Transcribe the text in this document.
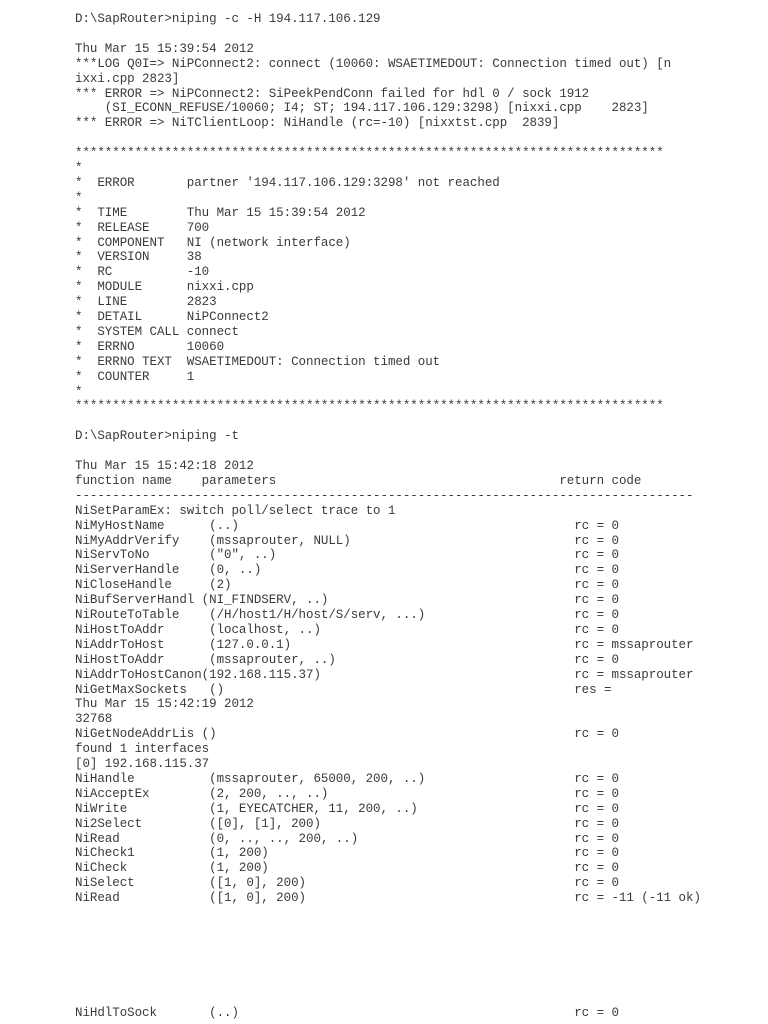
D:\SapRouter>niping -c -H 194.117.106.129
Thu Mar 15 15:39:54 2012
***LOG Q0I=> NiPConnect2: connect (10060: WSAETIMEDOUT: Connection timed out) [n
ixxi.cpp 2823]
*** ERROR => NiPConnect2: SiPeekPendConn failed for hdl 0 / sock 1912
(SI_ECONN_REFUSE/10060; I4; ST; 194.117.106.129:3298) [nixxi.cpp    2823]
*** ERROR => NiTClientLoop: NiHandle (rc=-10) [nixxtst.cpp  2839]
*******************************************************************************
*
*  ERROR       partner '194.117.106.129:3298' not reached
*
*  TIME        Thu Mar 15 15:39:54 2012
*  RELEASE     700
*  COMPONENT   NI (network interface)
*  VERSION     38
*  RC          -10
*  MODULE      nixxi.cpp
*  LINE        2823
*  DETAIL      NiPConnect2
*  SYSTEM CALL connect
*  ERRNO       10060
*  ERRNO TEXT  WSAETIMEDOUT: Connection timed out
*  COUNTER     1
*
*******************************************************************************
D:\SapRouter>niping -t
Thu Mar 15 15:42:18 2012
function name    parameters                                      return code
-----------------------------------------------------------------------------------
NiSetParamEx: switch poll/select trace to 1
NiMyHostName      (..)                                             rc = 0
NiMyAddrVerify    (mssaprouter, NULL)                              rc = 0
NiServToNo        ("0", ..)                                        rc = 0
NiServerHandle    (0, ..)                                          rc = 0
NiCloseHandle     (2)                                              rc = 0
NiBufServerHandl (NI_FINDSERV, ..)                                 rc = 0
NiRouteToTable    (/H/host1/H/host/S/serv, ...)                    rc = 0
NiHostToAddr      (localhost, ..)                                  rc = 0
NiAddrToHost      (127.0.0.1)                                      rc = mssaprouter
NiHostToAddr      (mssaprouter, ..)                                rc = 0
NiAddrToHostCanon(192.168.115.37)                                  rc = mssaprouter
NiGetMaxSockets   ()                                               res =
Thu Mar 15 15:42:19 2012
32768
NiGetNodeAddrLis ()                                                rc = 0
found 1 interfaces
[0] 192.168.115.37
NiHandle          (mssaprouter, 65000, 200, ..)                    rc = 0
NiAcceptEx        (2, 200, .., ..)                                 rc = 0
NiWrite           (1, EYECATCHER, 11, 200, ..)                     rc = 0
Ni2Select         ([0], [1], 200)                                  rc = 0
NiRead            (0, .., .., 200, ..)                             rc = 0
NiCheck1          (1, 200)                                         rc = 0
NiCheck           (1, 200)                                         rc = 0
NiSelect          ([1, 0], 200)                                    rc = 0
NiRead            ([1, 0], 200)                                    rc = -11 (-11 ok)
NiHdlToSock       (..)                                             rc = 0
